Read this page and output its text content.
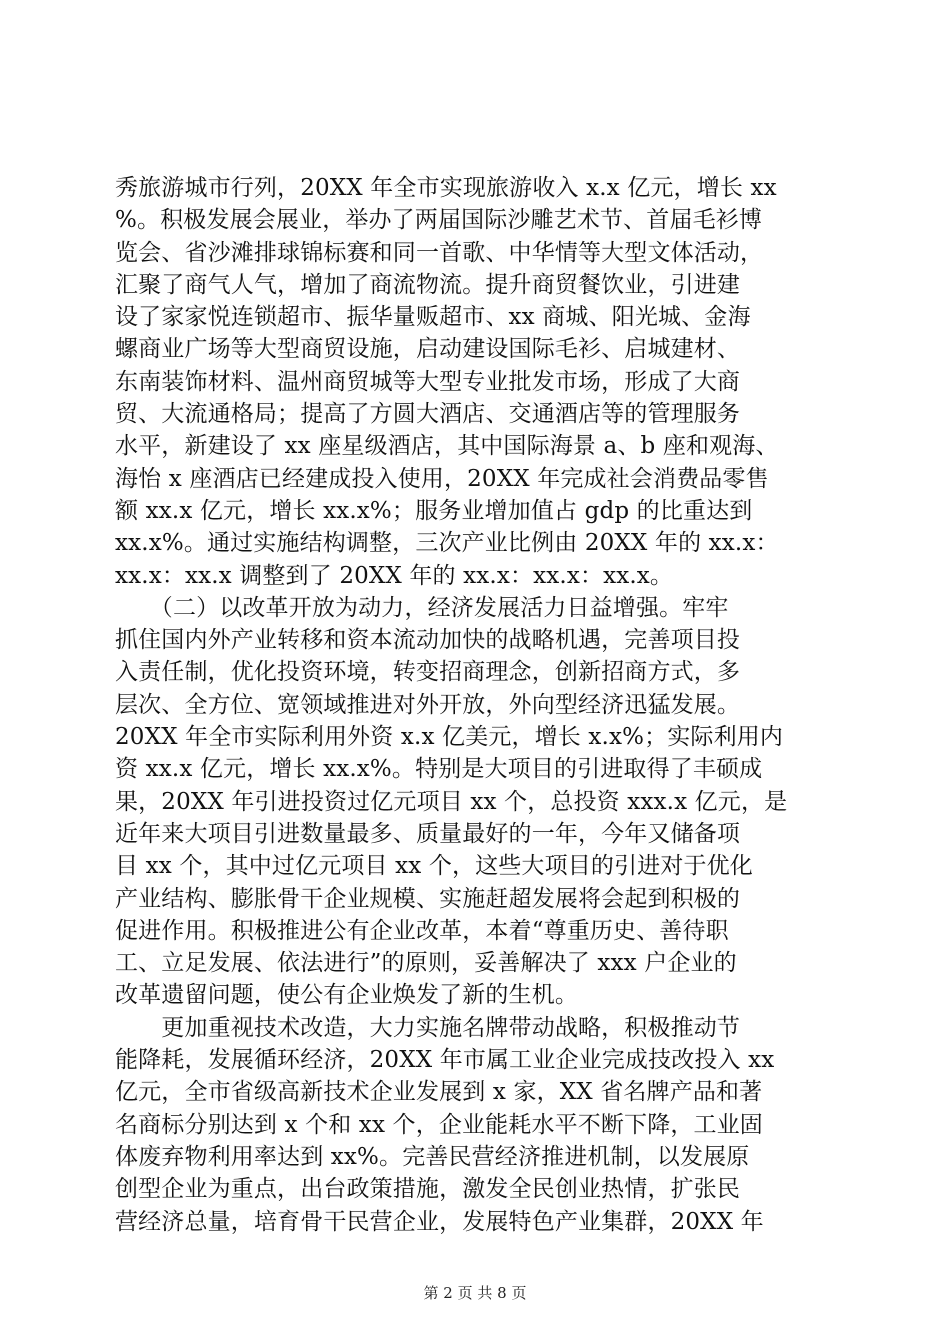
秀旅游城市行列，20XX 年全市实现旅游收入 x.x 亿元，增长 xx
%。积极发展会展业，举办了两届国际沙雕艺术节、首届毛衫博
览会、省沙滩排球锦标赛和同一首歌、中华情等大型文体活动，
汇聚了商气人气，增加了商流物流。提升商贸餐饮业，引进建
设了家家悦连锁超市、振华量贩超市、xx 商城、阳光城、金海
螺商业广场等大型商贸设施，启动建设国际毛衫、启城建材、
东南装饰材料、温州商贸城等大型专业批发市场，形成了大商
贸、大流通格局；提高了方圆大酒店、交通酒店等的管理服务
水平，新建设了 xx 座星级酒店，其中国际海景 a、b 座和观海、
海怡 x 座酒店已经建成投入使用，20XX 年完成社会消费品零售
额 xx.x 亿元，增长 xx.x%；服务业增加值占 gdp 的比重达到
xx.x%。通过实施结构调整，三次产业比例由 20XX 年的 xx.x：
xx.x：xx.x 调整到了 20XX 年的 xx.x：xx.x：xx.x。
　　（二）以改革开放为动力，经济发展活力日益增强。牢牢
抓住国内外产业转移和资本流动加快的战略机遇，完善项目投
入责任制，优化投资环境，转变招商理念，创新招商方式，多
层次、全方位、宽领域推进对外开放，外向型经济迅猛发展。
20XX 年全市实际利用外资 x.x 亿美元，增长 x.x%；实际利用内
资 xx.x 亿元，增长 xx.x%。特别是大项目的引进取得了丰硕成
果，20XX 年引进投资过亿元项目 xx 个，总投资 xxx.x 亿元，是
近年来大项目引进数量最多、质量最好的一年，今年又储备项
目 xx 个，其中过亿元项目 xx 个，这些大项目的引进对于优化
产业结构、膨胀骨干企业规模、实施赶超发展将会起到积极的
促进作用。积极推进公有企业改革，本着“尊重历史、善待职
工、立足发展、依法进行”的原则，妥善解决了 xxx 户企业的
改革遗留问题，使公有企业焕发了新的生机。
　　更加重视技术改造，大力实施名牌带动战略，积极推动节
能降耗，发展循环经济，20XX 年市属工业企业完成技改投入 xx
亿元，全市省级高新技术企业发展到 x 家，XX 省名牌产品和著
名商标分别达到 x 个和 xx 个，企业能耗水平不断下降，工业固
体废弃物利用率达到 xx%。完善民营经济推进机制，以发展原
创型企业为重点，出台政策措施，激发全民创业热情，扩张民
营经济总量，培育骨干民营企业，发展特色产业集群，20XX 年
第 2 页 共 8 页
